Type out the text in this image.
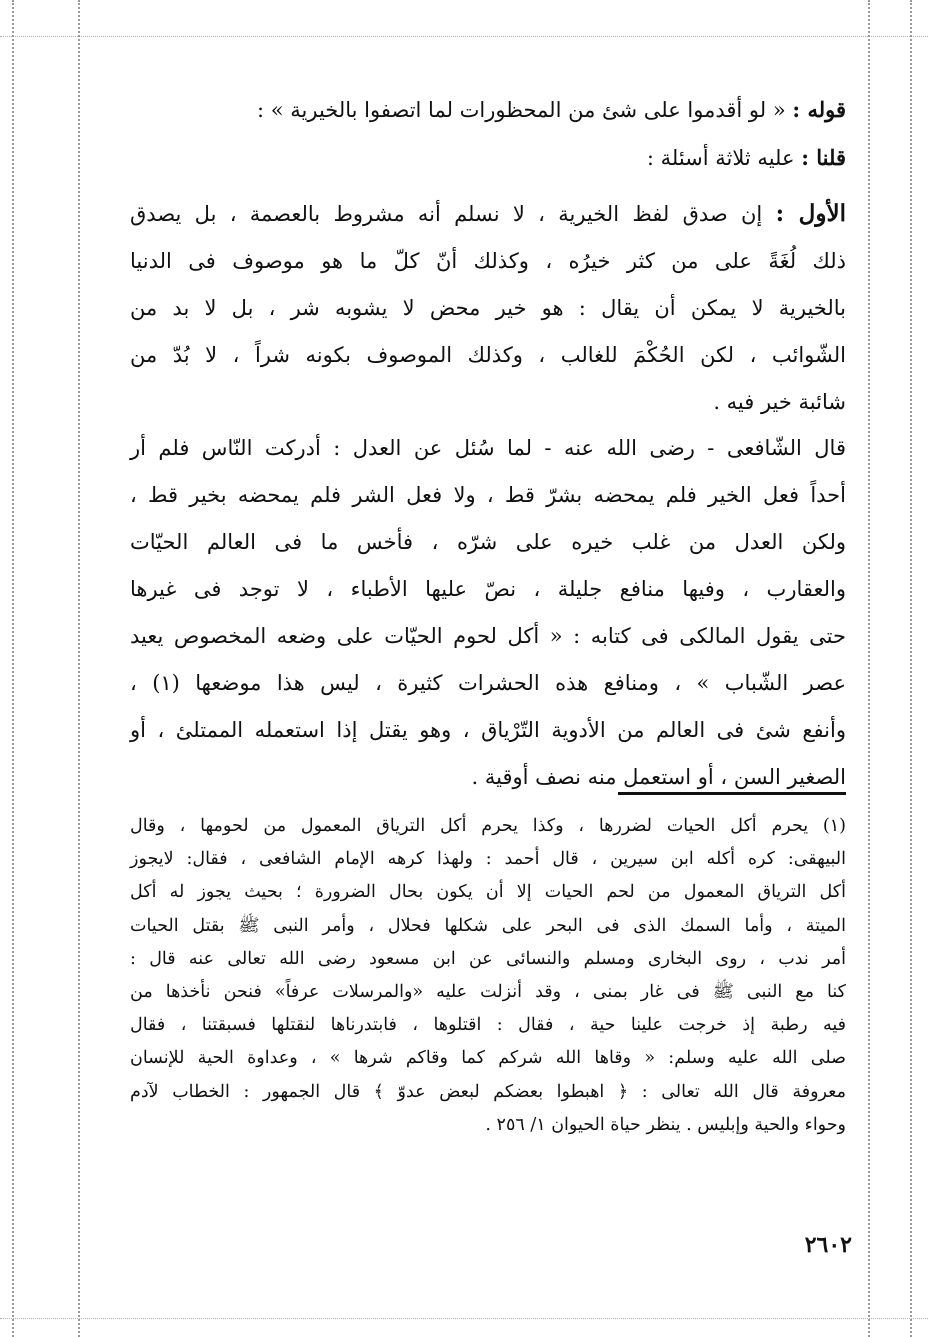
قوله : « لو أقدموا على شئ من المحظورات لما اتصفوا بالخيرية » :
قلنا : عليه ثلاثة أسئلة :
الأول : إن صدق لفظ الخيرية ، لا نسلم أنه مشروط بالعصمة ، بل يصدق
ذلك لُغَةً على من كثر خيرُه ، وكذلك أنّ كلّ ما هو موصوف فى الدنيا
بالخيرية لا يمكن أن يقال : هو خير محض لا يشوبه شر ، بل لا بد من
الشّوائب ، لكن الحُكْمَ للغالب ، وكذلك الموصوف بكونه شراً ، لا بُدّ من
شائبة خير فيه .
قال الشّافعى - رضى الله عنه - لما سُئل عن العدل : أدركت النّاس فلم أر
أحداً فعل الخير فلم يمحضه بشرّ قط ، ولا فعل الشر فلم يمحضه بخير قط ،
ولكن العدل من غلب خيره على شرّه ، فأخس ما فى العالم الحيّات
والعقارب ، وفيها منافع جليلة ، نصّ عليها الأطباء ، لا توجد فى غيرها
حتى يقول المالكى فى كتابه : « أكل لحوم الحيّات على وضعه المخصوص يعيد
عصر الشّباب » ، ومنافع هذه الحشرات كثيرة ، ليس هذا موضعها (١) ،
وأنفع شئ فى العالم من الأدوية التّرْياق ، وهو يقتل إذا استعمله الممتلئ ، أو
الصغير السن ، أو استعمل منه نصف أوقية .
(١) يحرم أكل الحيات لضررها ، وكذا يحرم أكل الترياق المعمول من لحومها ، وقال
البيهقى: كره أكله ابن سيرين ، قال أحمد : ولهذا كرهه الإمام الشافعى ، فقال: لايجوز
أكل الترياق المعمول من لحم الحيات إلا أن يكون بحال الضرورة ؛ بحيث يجوز له أكل
الميتة ، وأما السمك الذى فى البحر على شكلها فحلال ، وأمر النبى ﷺ بقتل الحيات
أمر ندب ، روى البخارى ومسلم والنسائى عن ابن مسعود رضى الله تعالى عنه قال :
كنا مع النبى ﷺ فى غار بمنى ، وقد أنزلت عليه «والمرسلات عرفاً» فنحن نأخذها من
فيه رطبة إذ خرجت علينا حية ، فقال : اقتلوها ، فابتدرناها لنقتلها فسبقتنا ، فقال
صلى الله عليه وسلم: « وقاها الله شركم كما وقاكم شرها » ، وعداوة الحية للإنسان
معروفة قال الله تعالى : ﴿ اهبطوا بعضكم لبعض عدوّ ﴾ قال الجمهور : الخطاب لآدم
وحواء والحية وإبليس . ينظر حياة الحيوان ١/ ٢٥٦ .
٢٦٠٢
